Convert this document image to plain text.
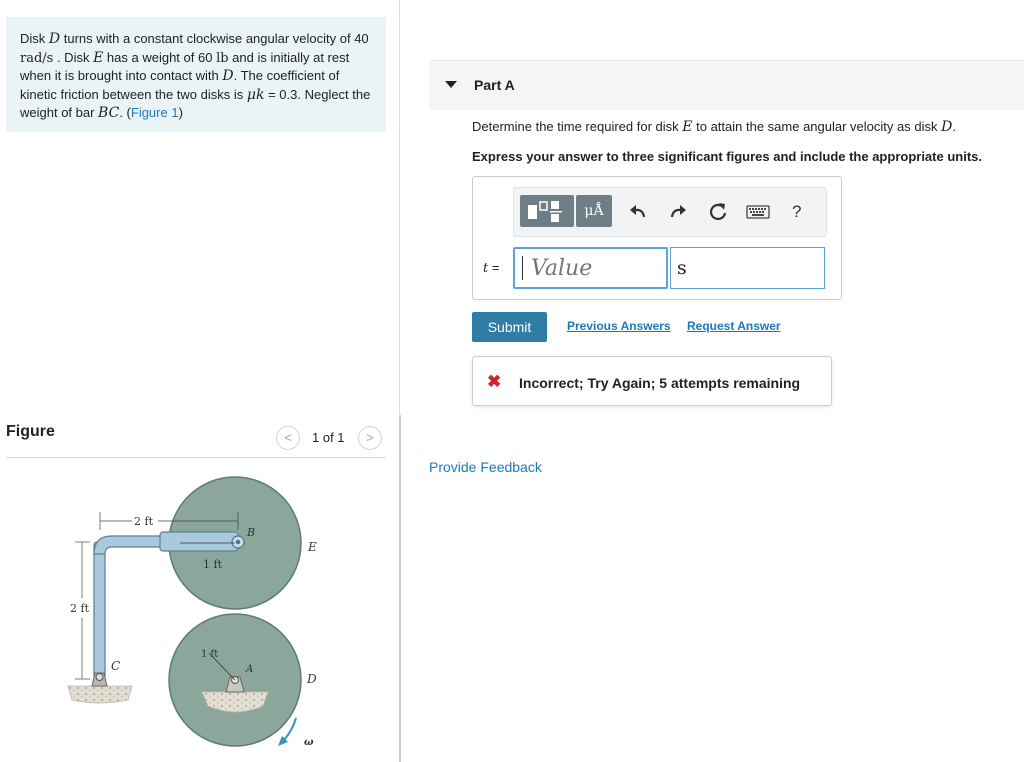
Disk D turns with a constant clockwise angular velocity of 40 rad/s . Disk E has a weight of 60 lb and is initially at rest when it is brought into contact with D. The coefficient of kinetic friction between the two disks is μk = 0.3. Neglect the weight of bar BC. (Figure 1)
Figure	<	1 of 1	>
2 ft
2 ft
1 ft
1 ft
B
E
C	A
D
ω
Part A
Determine the time required for disk E to attain the same angular velocity as disk D.
Express your answer to three significant figures and include the appropriate units.
μÅ	?
t =
Value
s
Submit	Previous Answers Request Answer
✖ Incorrect; Try Again; 5 attempts remaining
Provide Feedback
